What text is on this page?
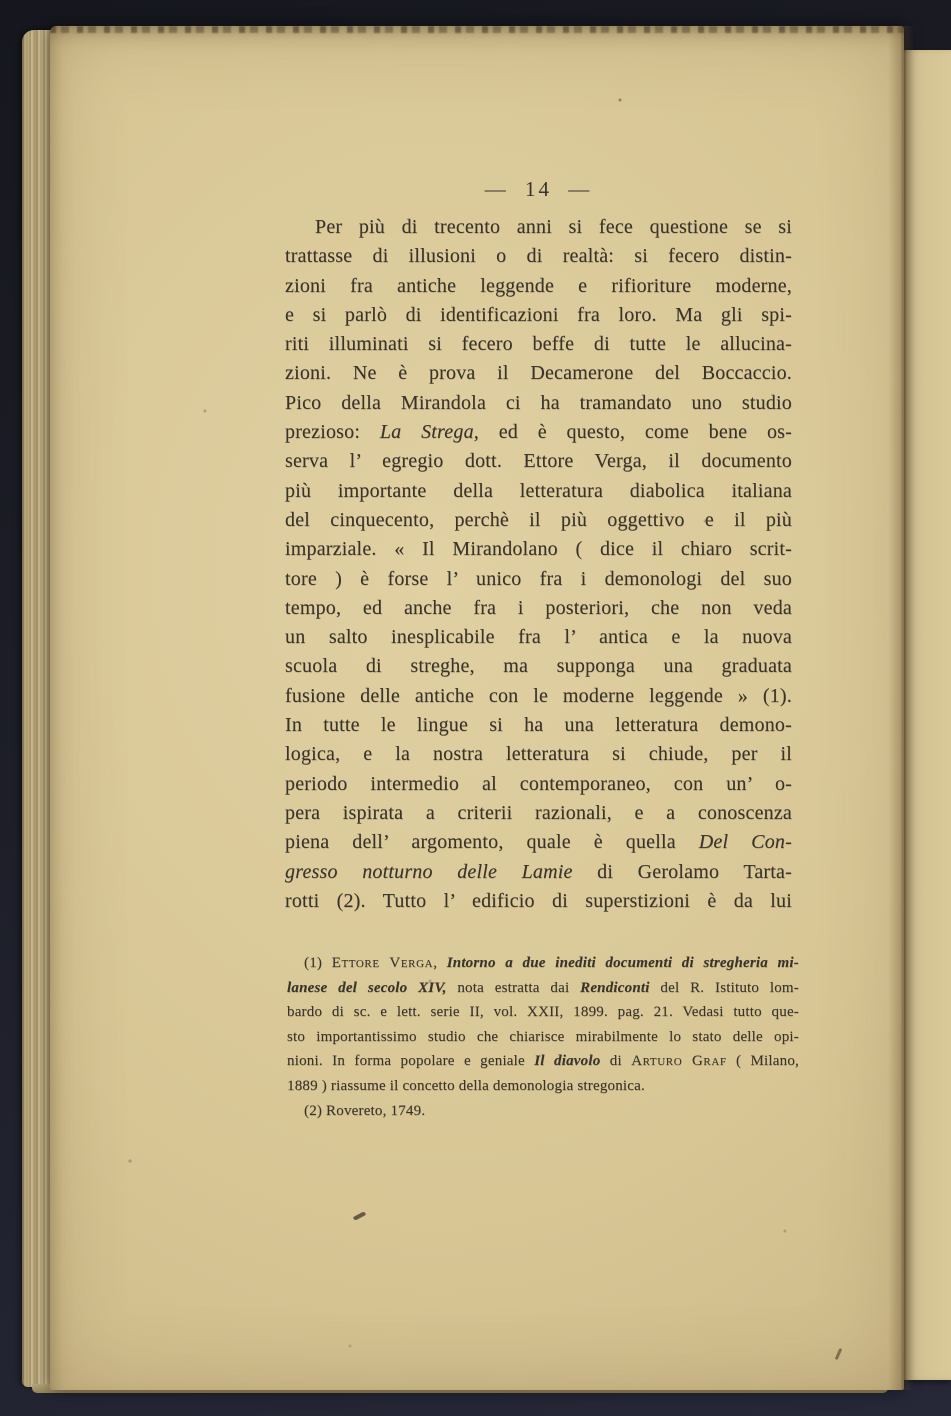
— 14 —
Per più di trecento anni si fece questione se si
trattasse di illusioni o di realtà: si fecero distin-
zioni fra antiche leggende e rifioriture moderne,
e si parlò di identificazioni fra loro. Ma gli spi-
riti illuminati si fecero beffe di tutte le allucina-
zioni. Ne è prova il Decamerone del Boccaccio.
Pico della Mirandola ci ha tramandato uno studio
prezioso: La Strega, ed è questo, come bene os-
serva l’ egregio dott. Ettore Verga, il documento
più importante della letteratura diabolica italiana
del cinquecento, perchè il più oggettivo e il più
imparziale. « Il Mirandolano ( dice il chiaro scrit-
tore ) è forse l’ unico fra i demonologi del suo
tempo, ed anche fra i posteriori, che non veda
un salto inesplicabile fra l’ antica e la nuova
scuola di streghe, ma supponga una graduata
fusione delle antiche con le moderne leggende » (1).
In tutte le lingue si ha una letteratura demono-
logica, e la nostra letteratura si chiude, per il
periodo intermedio al contemporaneo, con un’ o-
pera ispirata a criterii razionali, e a conoscenza
piena dell’ argomento, quale è quella Del Con-
gresso notturno delle Lamie di Gerolamo Tarta-
rotti (2). Tutto l’ edificio di superstizioni è da lui
(1) Ettore Verga, Intorno a due inediti documenti di stregheria mi-
lanese del secolo XIV, nota estratta dai Rendiconti del R. Istituto lom-
bardo di sc. e lett. serie II, vol. XXII, 1899. pag. 21. Vedasi tutto que-
sto importantissimo studio che chiarisce mirabilmente lo stato delle opi-
nioni. In forma popolare e geniale Il diavolo di Arturo Graf ( Milano,
1889 ) riassume il concetto della demonologia stregonica.
(2) Rovereto, 1749.
